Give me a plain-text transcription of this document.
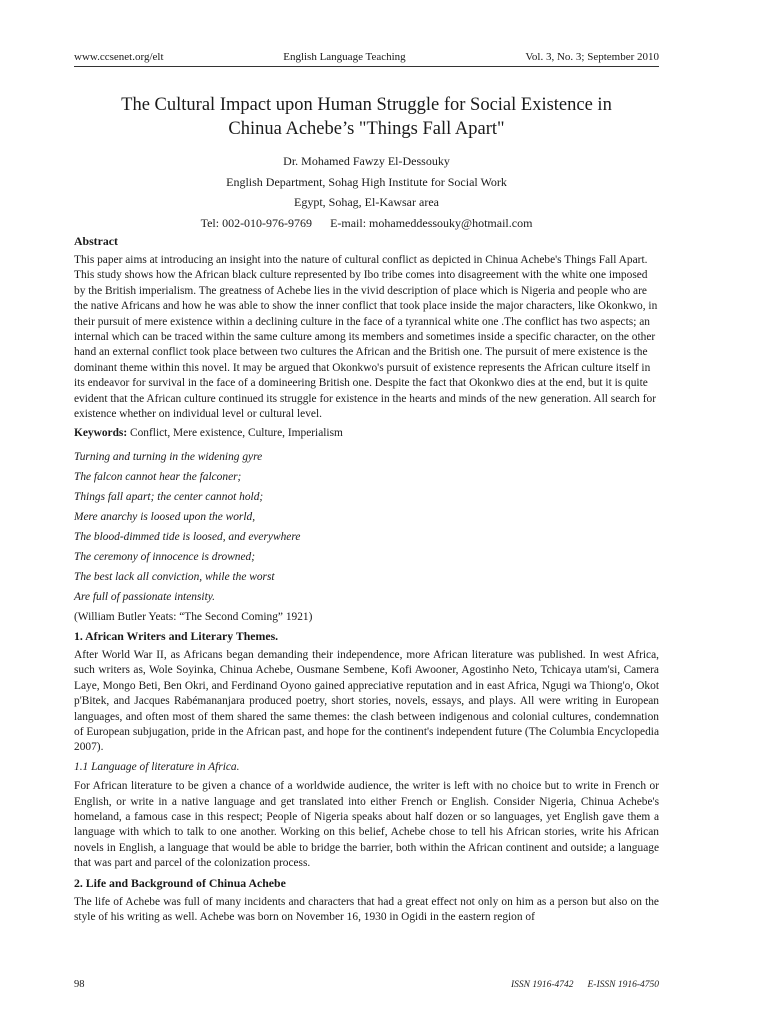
www.ccsenet.org/elt	English Language Teaching	Vol. 3, No. 3; September 2010
The Cultural Impact upon Human Struggle for Social Existence in
Chinua Achebe’s "Things Fall Apart"
Dr. Mohamed Fawzy El-Dessouky
English Department, Sohag High Institute for Social Work
Egypt, Sohag, El-Kawsar area
Tel: 002-010-976-9769 E-mail: mohameddessouky@hotmail.com
Abstract

This paper aims at introducing an insight into the nature of cultural conflict as depicted in Chinua Achebe's Things Fall Apart. This study shows how the African black culture represented by Ibo tribe comes into disagreement with the white one imposed by the British imperialism. The greatness of Achebe lies in the vivid description of place which is Nigeria and people who are the native Africans and how he was able to show the inner conflict that took place inside the major characters, like Okonkwo, in their pursuit of mere existence within a declining culture in the face of a tyrannical white one .The conflict has two aspects; an internal which can be traced within the same culture among its members and sometimes inside a specific character, on the other hand an external conflict took place between two cultures the African and the British one. The pursuit of mere existence is the dominant theme within this novel. It may be argued that Okonkwo's pursuit of existence represents the African culture itself in its endeavor for survival in the face of a domineering British one. Despite the fact that Okonkwo dies at the end, but it is quite evident that the African culture continued its struggle for existence in the hearts and minds of the new generation. All search for existence whether on individual level or cultural level.

Keywords: Conflict, Mere existence, Culture, Imperialism

Turning and turning in the widening gyre
The falcon cannot hear the falconer;
Things fall apart; the center cannot hold;
Mere anarchy is loosed upon the world,
The blood-dimmed tide is loosed, and everywhere
The ceremony of innocence is drowned;
The best lack all conviction, while the worst
Are full of passionate intensity.
(William Butler Yeats: “The Second Coming” 1921)
1. African Writers and Literary Themes.

After World War II, as Africans began demanding their independence, more African literature was published. In west Africa, such writers as, Wole Soyinka, Chinua Achebe, Ousmane Sembene, Kofi Awooner, Agostinho Neto, Tchicaya utam'si, Camera Laye, Mongo Beti, Ben Okri, and Ferdinand Oyono gained appreciative reputation and in east Africa, Ngugi wa Thiong'o, Okot p'Bitek, and Jacques Rabémananjara produced poetry, short stories, novels, essays, and plays. All were writing in European languages, and often most of them shared the same themes: the clash between indigenous and colonial cultures, condemnation of European subjugation, pride in the African past, and hope for the continent's independent future (The Columbia Encyclopedia 2007).

1.1 Language of literature in Africa.

For African literature to be given a chance of a worldwide audience, the writer is left with no choice but to write in French or English, or write in a native language and get translated into either French or English. Consider Nigeria, Chinua Achebe's homeland, a famous case in this respect; People of Nigeria speaks about half dozen or so languages, yet English gave them a language with which to talk to one another. Working on this belief, Achebe chose to tell his African stories, write his African novels in English, a language that would be able to bridge the barrier, both within the African continent and outside; a language that was part and parcel of the colonization process.

2. Life and Background of Chinua Achebe

The life of Achebe was full of many incidents and characters that had a great effect not only on him as a person but also on the style of his writing as well. Achebe was born on November 16, 1930 in Ogidi in the eastern region of

98	ISSN 1916-4742 E-ISSN 1916-4750
